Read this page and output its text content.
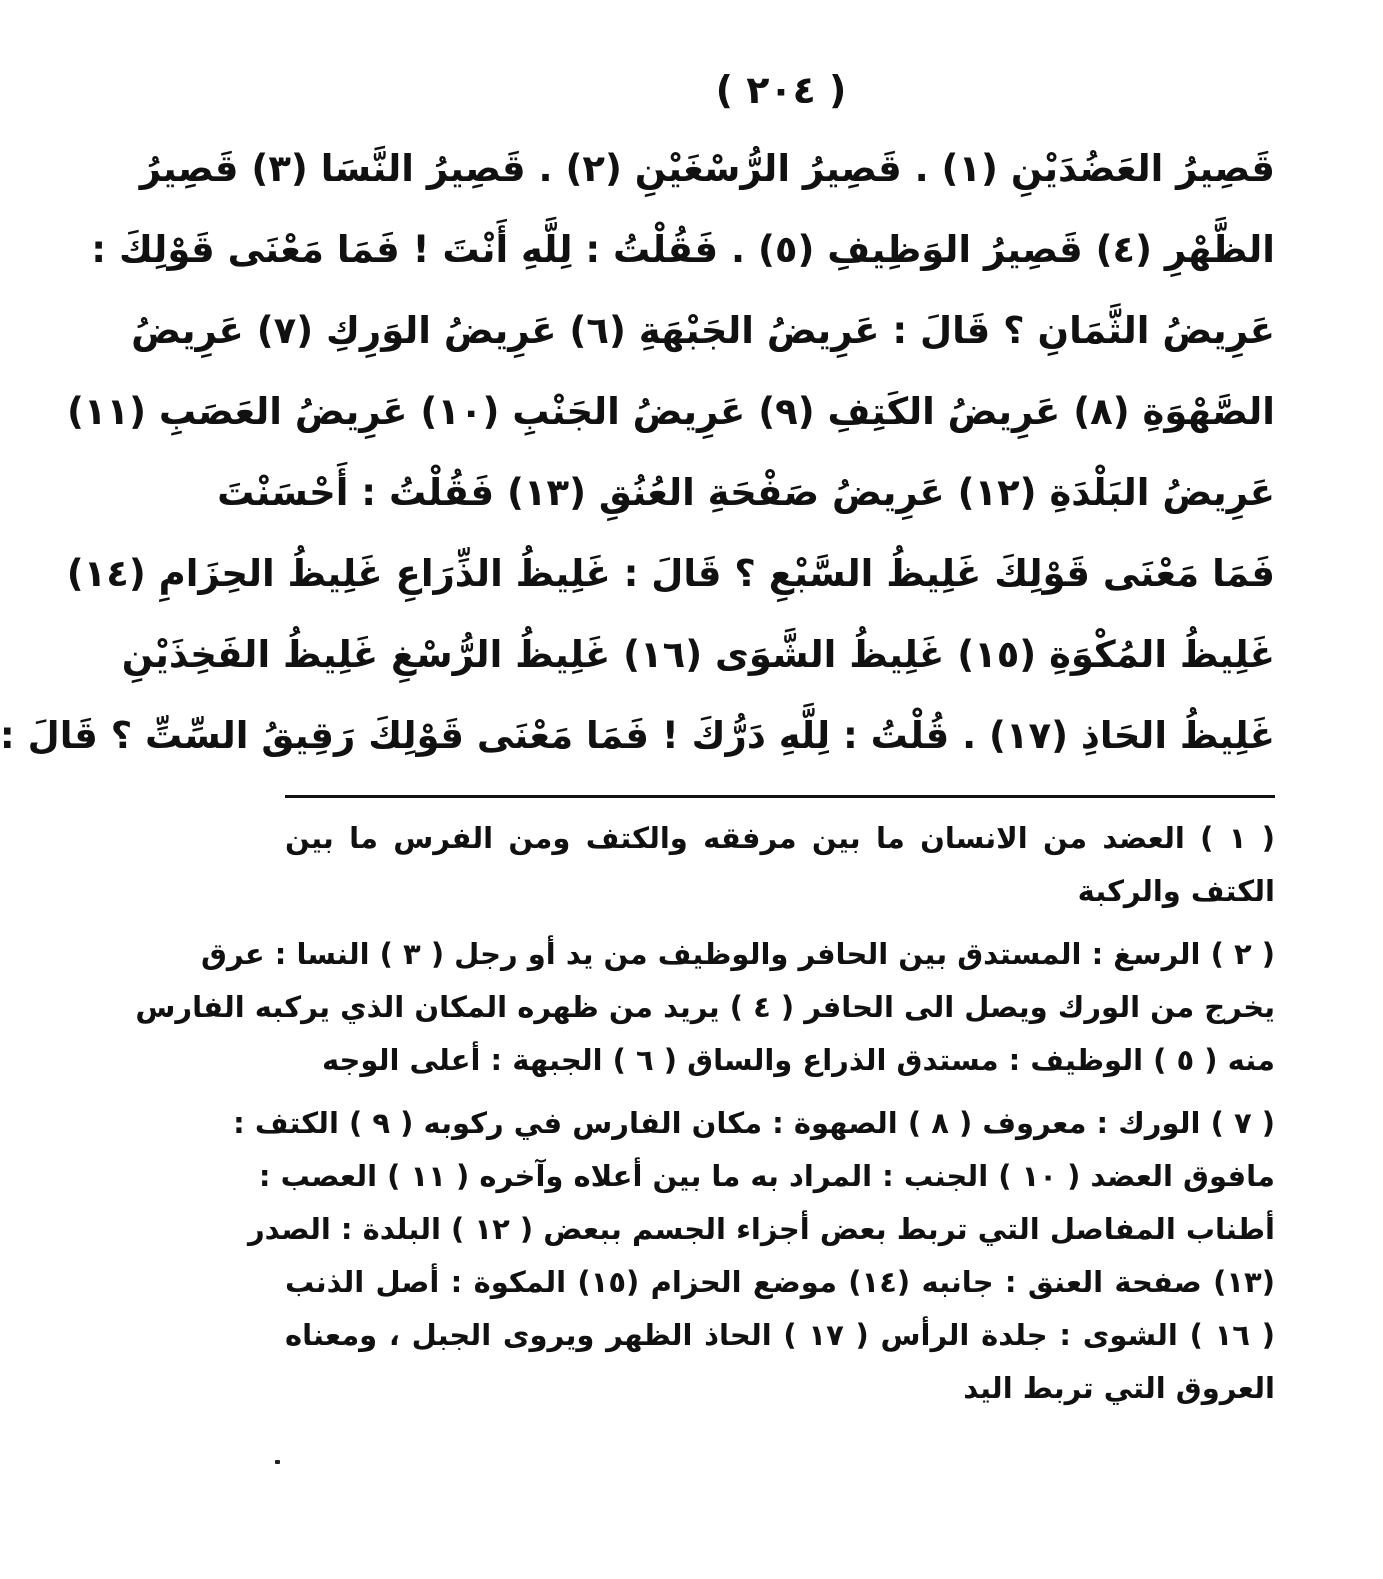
( ٢٠٤ )
قَصِيرُ العَضُدَيْنِ (١) . قَصِيرُ الرُّسْغَيْنِ (٢) . قَصِيرُ النَّسَا (٣) قَصِيرُ
الظَّهْرِ (٤) قَصِيرُ الوَظِيفِ (٥) . فَقُلْتُ : لِلَّهِ أَنْتَ ! فَمَا مَعْنَى قَوْلِكَ :
عَرِيضُ الثَّمَانِ ؟ قَالَ : عَرِيضُ الجَبْهَةِ (٦) عَرِيضُ الوَرِكِ (٧) عَرِيضُ
الصَّهْوَةِ (٨) عَرِيضُ الكَتِفِ (٩) عَرِيضُ الجَنْبِ (١٠) عَرِيضُ العَصَبِ (١١)
عَرِيضُ البَلْدَةِ (١٢) عَرِيضُ صَفْحَةِ العُنُقِ (١٣) فَقُلْتُ : أَحْسَنْتَ
فَمَا مَعْنَى قَوْلِكَ غَلِيظُ السَّبْعِ ؟ قَالَ : غَلِيظُ الذِّرَاعِ غَلِيظُ الحِزَامِ (١٤)
غَلِيظُ المُكْوَةِ (١٥) غَلِيظُ الشَّوَى (١٦) غَلِيظُ الرُّسْغِ غَلِيظُ الفَخِذَيْنِ
غَلِيظُ الحَاذِ (١٧) . قُلْتُ : لِلَّهِ دَرُّكَ ! فَمَا مَعْنَى قَوْلِكَ رَقِيقُ السِّتِّ ؟ قَالَ :
( ١ ) العضد من الانسان ما بين مرفقه والكتف ومن الفرس ما بين
الكتف والركبة
( ٢ ) الرسغ : المستدق بين الحافر والوظيف من يد أو رجل ( ٣ ) النسا : عرق
يخرج من الورك ويصل الى الحافر ( ٤ ) يريد من ظهره المكان الذي يركبه الفارس
منه ( ٥ ) الوظيف : مستدق الذراع والساق ( ٦ ) الجبهة : أعلى الوجه
( ٧ ) الورك : معروف ( ٨ ) الصهوة : مكان الفارس في ركوبه ( ٩ ) الكتف :
مافوق العضد ( ١٠ ) الجنب : المراد به ما بين أعلاه وآخره ( ١١ ) العصب :
أطناب المفاصل التي تربط بعض أجزاء الجسم ببعض ( ١٢ ) البلدة : الصدر
(١٣) صفحة العنق : جانبه (١٤) موضع الحزام (١٥) المكوة : أصل الذنب
( ١٦ ) الشوى : جلدة الرأس ( ١٧ ) الحاذ الظهر ويروى الجبل ، ومعناه
العروق التي تربط اليد
